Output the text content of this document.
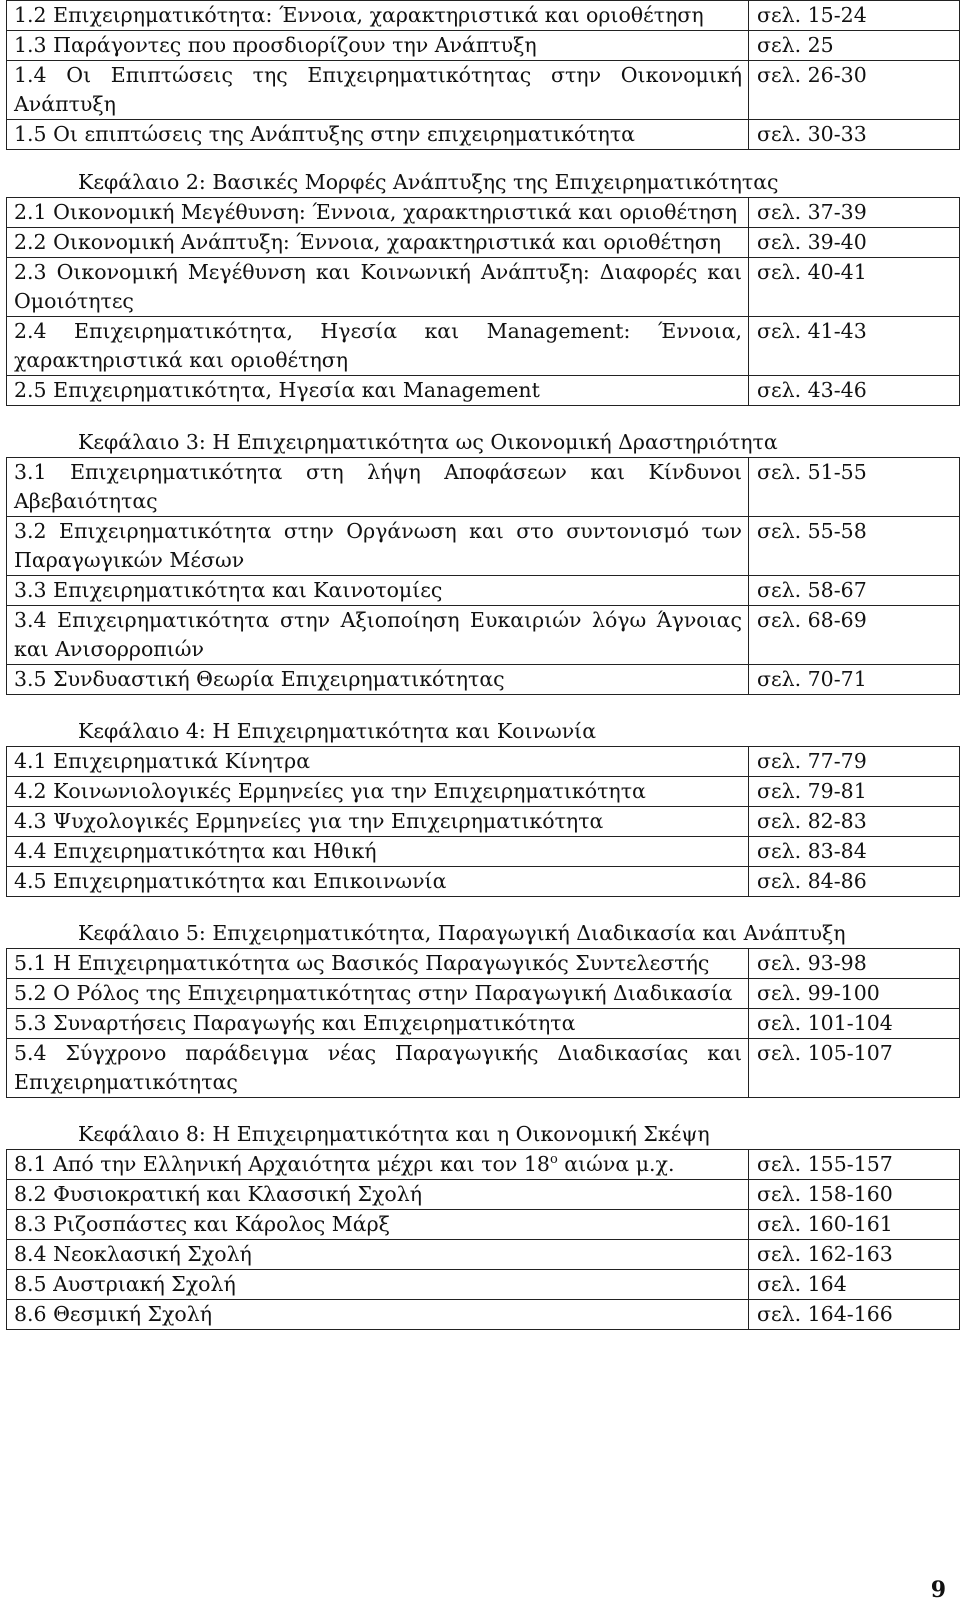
1.2 Επιχειρηματικότητα: Έννοια, χαρακτηριστικά και οριοθέτηση	σελ. 15-24
1.3 Παράγοντες που προσδιορίζουν την Ανάπτυξη	σελ. 25
1.4 Οι Επιπτώσεις της Επιχειρηματικότητας στην Οικονομική Ανάπτυξη	σελ. 26-30
1.5 Οι επιπτώσεις της Ανάπτυξης στην επιχειρηματικότητα	σελ. 30-33
Κεφάλαιο 2: Βασικές Μορφές Ανάπτυξης της Επιχειρηματικότητας
2.1 Οικονομική Μεγέθυνση: Έννοια, χαρακτηριστικά και οριοθέτηση	σελ. 37-39
2.2 Οικονομική Ανάπτυξη: Έννοια, χαρακτηριστικά και οριοθέτηση	σελ. 39-40
2.3 Οικονομική Μεγέθυνση και Κοινωνική Ανάπτυξη: Διαφορές και Ομοιότητες	σελ. 40-41
2.4 Επιχειρηματικότητα, Ηγεσία και Management: Έννοια, χαρακτηριστικά και οριοθέτηση	σελ. 41-43
2.5 Επιχειρηματικότητα, Ηγεσία και Management	σελ. 43-46
Κεφάλαιο 3: Η Επιχειρηματικότητα ως Οικονομική Δραστηριότητα
3.1 Επιχειρηματικότητα στη λήψη Αποφάσεων και Κίνδυνοι Αβεβαιότητας	σελ. 51-55
3.2 Επιχειρηματικότητα στην Οργάνωση και στο συντονισμό των Παραγωγικών Μέσων	σελ. 55-58
3.3 Επιχειρηματικότητα και Καινοτομίες	σελ. 58-67
3.4 Επιχειρηματικότητα στην Αξιοποίηση Ευκαιριών λόγω Άγνοιας και Ανισορροπιών	σελ. 68-69
3.5 Συνδυαστική Θεωρία Επιχειρηματικότητας	σελ. 70-71
Κεφάλαιο 4: Η Επιχειρηματικότητα και Κοινωνία
4.1 Επιχειρηματικά Κίνητρα	σελ. 77-79
4.2 Κοινωνιολογικές Ερμηνείες για την Επιχειρηματικότητα	σελ. 79-81
4.3 Ψυχολογικές Ερμηνείες για την Επιχειρηματικότητα	σελ. 82-83
4.4 Επιχειρηματικότητα και Ηθική	σελ. 83-84
4.5 Επιχειρηματικότητα και Επικοινωνία	σελ. 84-86
Κεφάλαιο 5: Επιχειρηματικότητα, Παραγωγική Διαδικασία και Ανάπτυξη
5.1 Η Επιχειρηματικότητα ως Βασικός Παραγωγικός Συντελεστής	σελ. 93-98
5.2 Ο Ρόλος της Επιχειρηματικότητας στην Παραγωγική Διαδικασία	σελ. 99-100
5.3 Συναρτήσεις Παραγωγής και Επιχειρηματικότητα	σελ. 101-104
5.4 Σύγχρονο παράδειγμα νέας Παραγωγικής Διαδικασίας και Επιχειρηματικότητας	σελ. 105-107
Κεφάλαιο 8: Η Επιχειρηματικότητα και η Οικονομική Σκέψη
8.1 Από την Ελληνική Αρχαιότητα μέχρι και τον $18^o$ αιώνα μ.χ.	σελ. 155-157
8.2 Φυσιοκρατική και Κλασσική Σχολή	σελ. 158-160
8.3 Ριζοσπάστες και Κάρολος Μάρξ	σελ. 160-161
8.4 Νεοκλασική Σχολή	σελ. 162-163
8.5 Αυστριακή Σχολή	σελ. 164
8.6 Θεσμική Σχολή	σελ. 164-166
9
